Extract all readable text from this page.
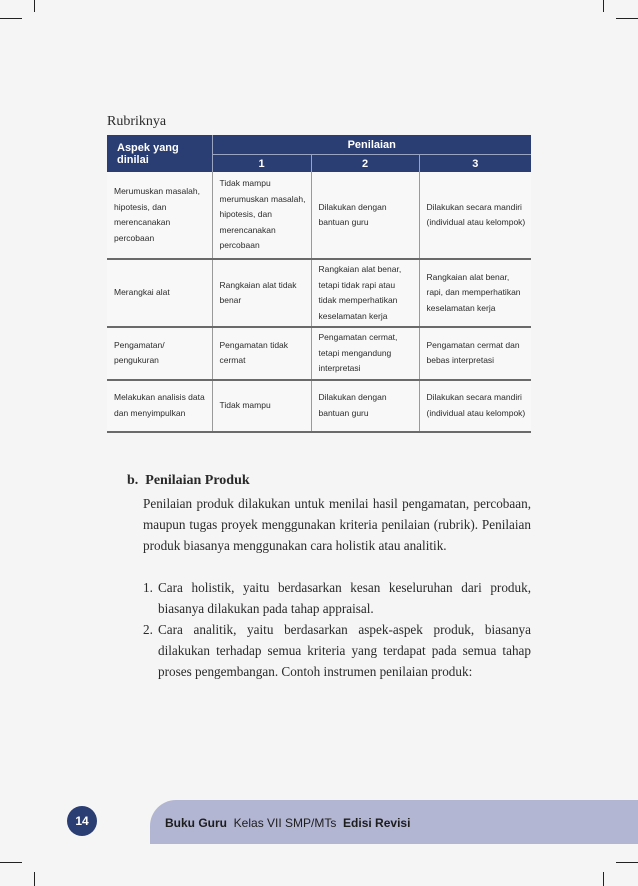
Rubriknya
Aspek yang dinilai	Penilaian		
	1	2	3
Merumuskan masalah, hipotesis, dan merencanakan percobaan	Tidak mampu merumuskan masalah, hipotesis, dan merencanakan percobaan	Dilakukan dengan bantuan guru	Dilakukan secara mandiri (individual atau kelompok)
Merangkai alat	Rangkaian alat tidak benar	Rangkaian alat benar, tetapi tidak rapi atau tidak memperhatikan keselamatan kerja	Rangkaian alat benar, rapi, dan memperhatikan keselamatan kerja
Pengamatan/ pengukuran	Pengamatan tidak cermat	Pengamatan cermat, tetapi mengandung interpretasi	Pengamatan cermat dan bebas interpretasi
Melakukan analisis data dan menyimpulkan	Tidak mampu	Dilakukan dengan bantuan guru	Dilakukan secara mandiri (individual atau kelompok)
b.  Penilaian Produk
Penilaian produk dilakukan untuk menilai hasil pengamatan, percobaan, maupun tugas proyek menggunakan kriteria penilaian (rubrik). Penilaian produk biasanya menggunakan cara holistik atau analitik.
1. Cara holistik, yaitu berdasarkan kesan keseluruhan dari produk, biasanya dilakukan pada tahap appraisal.
2. Cara analitik, yaitu berdasarkan aspek-aspek produk, biasanya dilakukan terhadap semua kriteria yang terdapat pada semua tahap proses pengembangan. Contoh instrumen penilaian produk:
14	Buku Guru Kelas VII SMP/MTs Edisi Revisi
